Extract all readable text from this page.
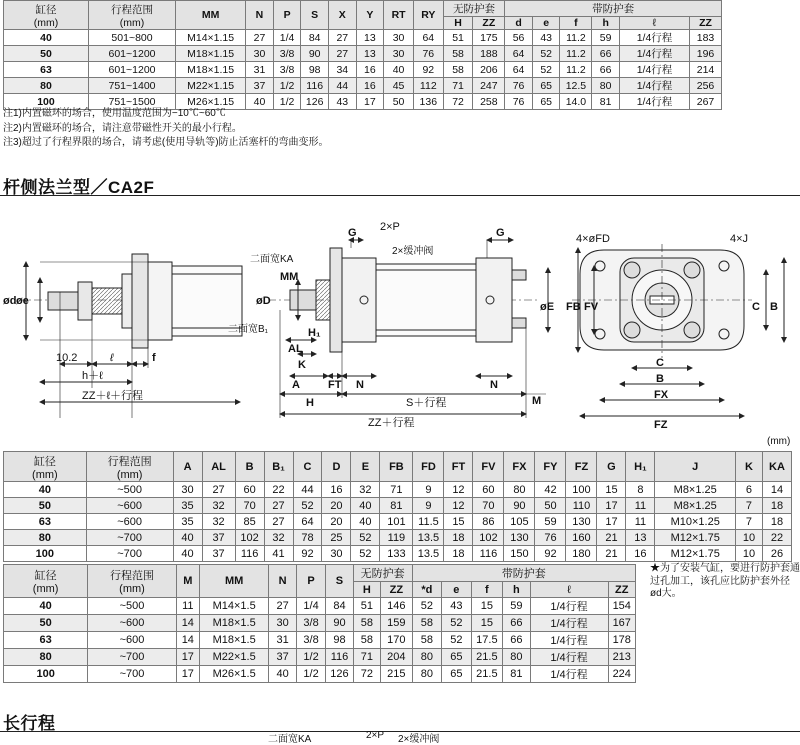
缸径
(mm)	行程范围
(mm)	MM	N	P	S	X	Y	RT	RY	无防护套		带防护套					
										H	ZZ	d	e	f	h	ℓ	ZZ
40	501~800	M14×1.15	27	1/4	84	27	13	30	64	51	175	56	43	11.2	59	1/4行程	183
50	601~1200	M18×1.15	30	3/8	90	27	13	30	76	58	188	64	52	11.2	66	1/4行程	196
63	601~1200	M18×1.15	31	3/8	98	34	16	40	92	58	206	64	52	11.2	66	1/4行程	214
80	751~1400	M22×1.15	37	1/2	116	44	16	45	112	71	247	76	65	12.5	80	1/4行程	256
100	751~1500	M26×1.15	40	1/2	126	43	17	50	136	72	258	76	65	14.0	81	1/4行程	267
注1)内置磁环的场合，使用温度范围为−10℃~60℃
注2)内置磁环的场合，请注意带磁性开关的最小行程。
注3)超过了行程界限的场合，请考虑(使用导轨等)防止活塞杆的弯曲变形。
杆侧法兰型／CA2F
ød øe
10.2	ℓ	f
h＋ℓ
ZZ＋ℓ＋行程
二面宽KA
MM
二面宽B₁	H₁
øD
AL
K
A	FT N	N
H	S＋行程
ZZ＋行程
M
G	G
2×P
2×缓冲阀
øE
4×øFD	4×J
FB FV	B
C
C
B
FX
FZ
(mm)
缸径
(mm)	行程范围
(mm)	A	AL	B	B₁	C	D	E	FB	FD	FT	FV	FX	FY	FZ	G	H₁	J	K	KA
40	~500	30	27	60	22	44	16	32	71	9	12	60	80	42	100	15	8	M8×1.25	6	14
50	~600	35	32	70	27	52	20	40	81	9	12	70	90	50	110	17	11	M8×1.25	7	18
63	~600	35	32	85	27	64	20	40	101	11.5	15	86	105	59	130	17	11	M10×1.25	7	18
80	~700	40	37	102	32	78	25	52	119	13.5	18	102	130	76	160	21	13	M12×1.75	10	22
100	~700	40	37	116	41	92	30	52	133	13.5	18	116	150	92	180	21	16	M12×1.75	10	26
缸径
(mm)	行程范围
(mm)	M	MM	N	P	S	无防护套		带防护套					
							H	ZZ	*d	e	f	h	ℓ	ZZ
40	~500	11	M14×1.5	27	1/4	84	51	146	52	43	15	59	1/4行程	154
50	~600	14	M18×1.5	30	3/8	90	58	159	58	52	15	66	1/4行程	167
63	~600	14	M18×1.5	31	3/8	98	58	170	58	52	17.5	66	1/4行程	178
80	~700	17	M22×1.5	37	1/2	116	71	204	80	65	21.5	80	1/4行程	213
100	~700	17	M26×1.5	40	1/2	126	72	215	80	65	21.5	81	1/4行程	224
★为了安装气缸，要进行防护套通过孔加工，该孔应比防护套外径ød大。
长行程
二面宽KA	2×P 2×缓冲阀
